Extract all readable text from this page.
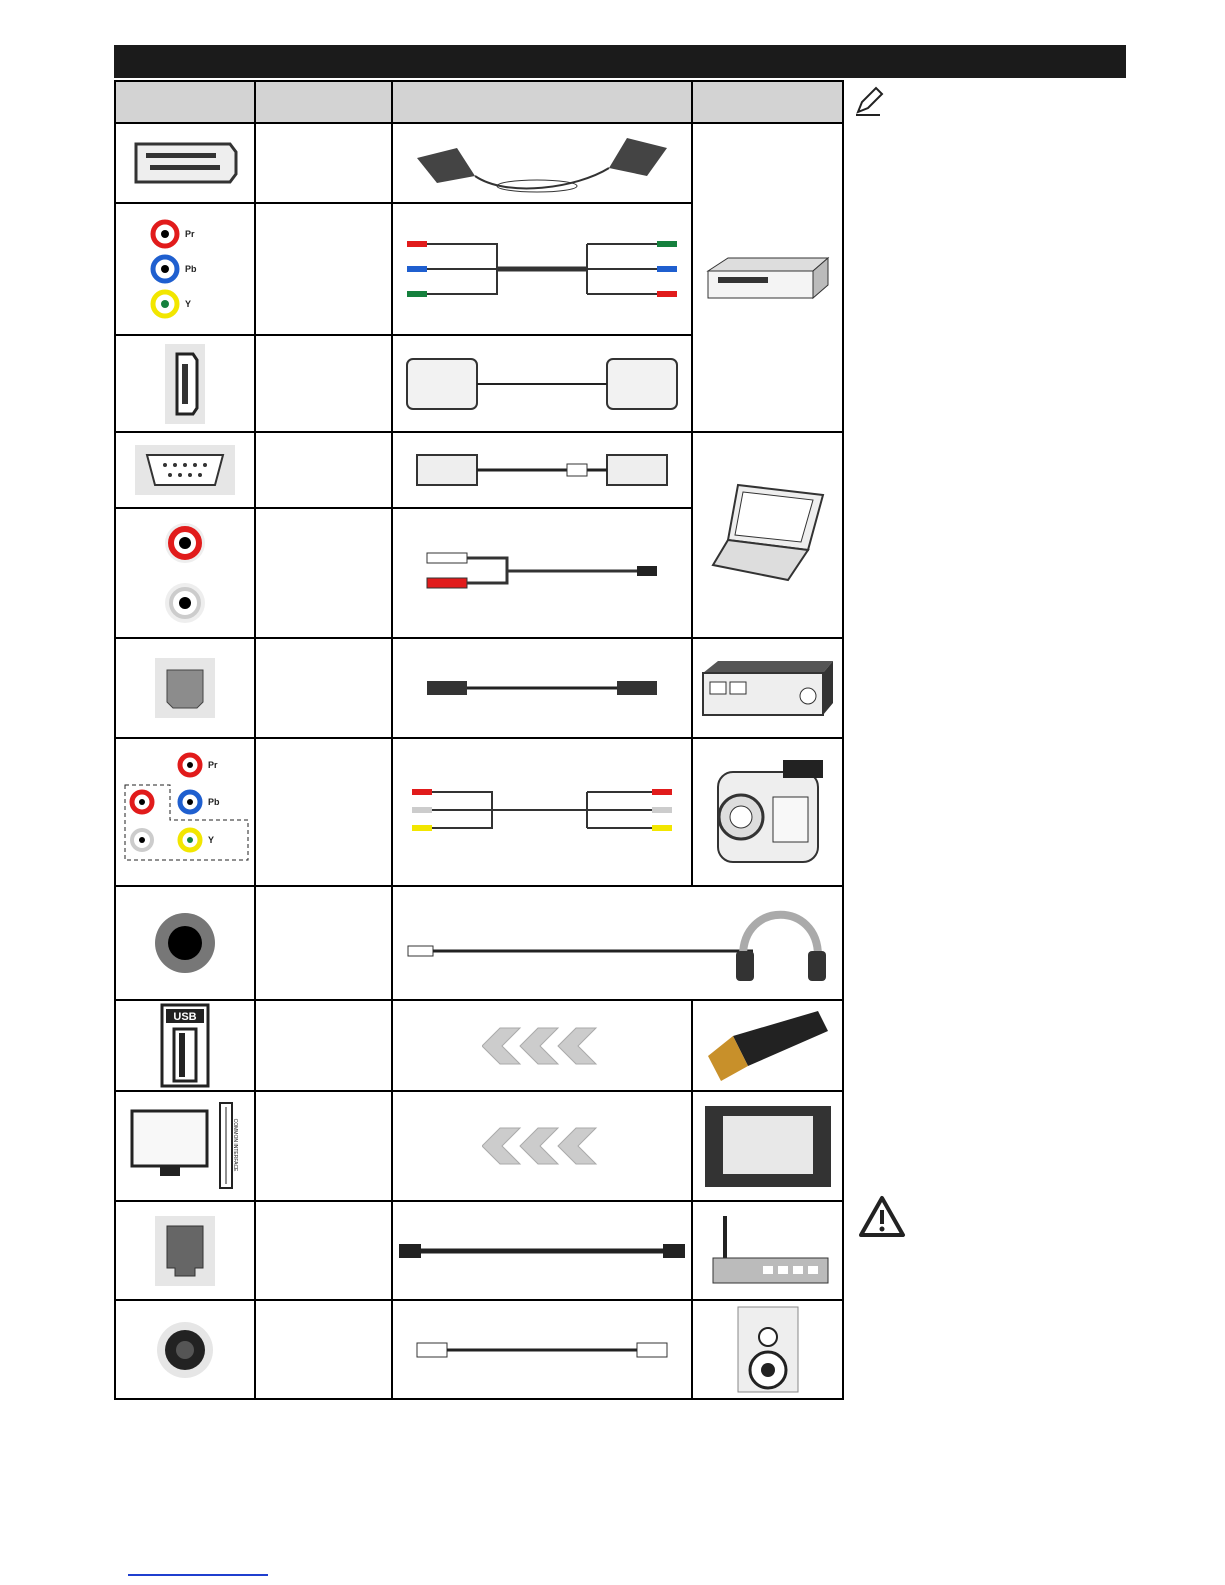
Pr
Pb
Y
Pr
Pb
Y
USB
COMMON INTERFACE
